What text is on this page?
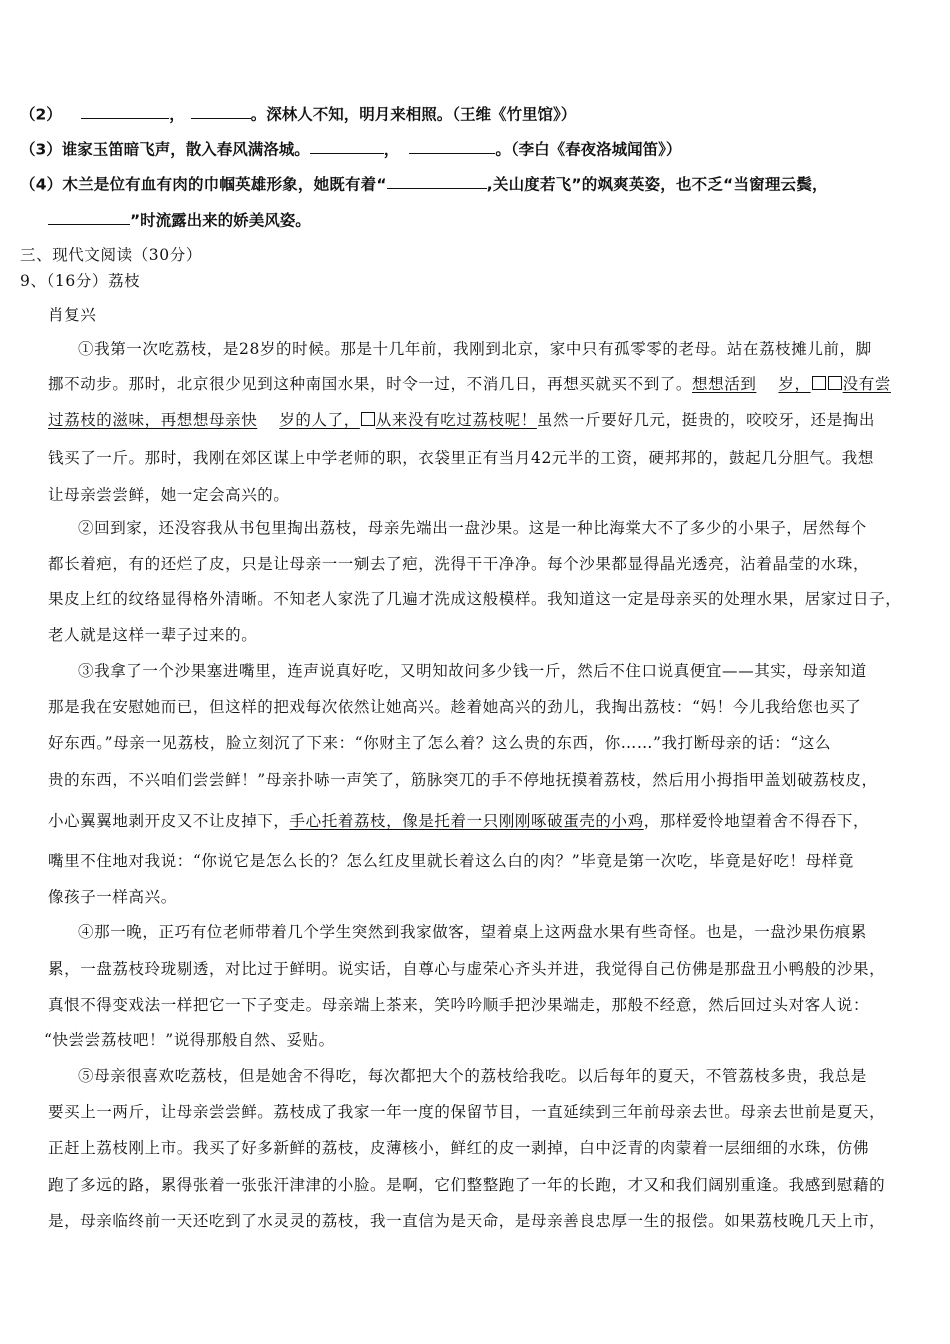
（2）	，	。深林人不知，明月来相照。（王维《竹里馆》）
（3）谁家玉笛暗飞声，散入春风满洛城。	，	。（李白《春夜洛城闻笛》）
（4）木兰是位有血有肉的巾帼英雄形象，她既有着“	,关山度若飞”的飒爽英姿，也不乏“当窗理云鬓，
”时流露出来的娇美风姿。
三、现代文阅读（30分）
9、（16分）荔枝
肖复兴
①我第一次吃荔枝，是28岁的时候。那是十几年前，我刚到北京，家中只有孤零零的老母。站在荔枝摊儿前，脚
挪不动步。那时，北京很少见到这种南国水果，时令一过，不消几日，再想买就买不到了。想想活到 岁， 没有尝
过荔枝的滋味，再想想母亲快 岁的人了， 从来没有吃过荔枝呢！虽然一斤要好几元，挺贵的，咬咬牙，还是掏出
钱买了一斤。那时，我刚在郊区谋上中学老师的职，衣袋里正有当月42元半的工资，硬邦邦的，鼓起几分胆气。我想
让母亲尝尝鲜，她一定会高兴的。
②回到家，还没容我从书包里掏出荔枝，母亲先端出一盘沙果。这是一种比海棠大不了多少的小果子，居然每个
都长着疤，有的还烂了皮，只是让母亲一一剜去了疤，洗得干干净净。每个沙果都显得晶光透亮，沾着晶莹的水珠，
果皮上红的纹络显得格外清晰。不知老人家洗了几遍才洗成这般模样。我知道这一定是母亲买的处理水果，居家过日子，
老人就是这样一辈子过来的。
③我拿了一个沙果塞进嘴里，连声说真好吃，又明知故问多少钱一斤，然后不住口说真便宜——其实，母亲知道
那是我在安慰她而已，但这样的把戏每次依然让她高兴。趁着她高兴的劲儿，我掏出荔枝：“妈！今儿我给您也买了
好东西。”母亲一见荔枝，脸立刻沉了下来：“你财主了怎么着？这么贵的东西，你……”我打断母亲的话：“这么
贵的东西，不兴咱们尝尝鲜！”母亲扑哧一声笑了，筋脉突兀的手不停地抚摸着荔枝，然后用小拇指甲盖划破荔枝皮，
小心翼翼地剥开皮又不让皮掉下，手心托着荔枝，像是托着一只刚刚啄破蛋壳的小鸡，那样爱怜地望着舍不得吞下，
嘴里不住地对我说：“你说它是怎么长的？怎么红皮里就长着这么白的肉？”毕竟是第一次吃，毕竟是好吃！母样竟
像孩子一样高兴。
④那一晚，正巧有位老师带着几个学生突然到我家做客，望着桌上这两盘水果有些奇怪。也是，一盘沙果伤痕累
累，一盘荔枝玲珑剔透，对比过于鲜明。说实话，自尊心与虚荣心齐头并进，我觉得自己仿佛是那盘丑小鸭般的沙果，
真恨不得变戏法一样把它一下子变走。母亲端上茶来，笑吟吟顺手把沙果端走，那般不经意，然后回过头对客人说：
“快尝尝荔枝吧！”说得那般自然、妥贴。
⑤母亲很喜欢吃荔枝，但是她舍不得吃，每次都把大个的荔枝给我吃。以后每年的夏天，不管荔枝多贵，我总是
要买上一两斤，让母亲尝尝鲜。荔枝成了我家一年一度的保留节目，一直延续到三年前母亲去世。母亲去世前是夏天，
正赶上荔枝刚上市。我买了好多新鲜的荔枝，皮薄核小，鲜红的皮一剥掉，白中泛青的肉蒙着一层细细的水珠，仿佛
跑了多远的路，累得张着一张张汗津津的小脸。是啊，它们整整跑了一年的长跑，才又和我们阔别重逢。我感到慰藉的
是，母亲临终前一天还吃到了水灵灵的荔枝，我一直信为是天命，是母亲善良忠厚一生的报偿。如果荔枝晚几天上市，
